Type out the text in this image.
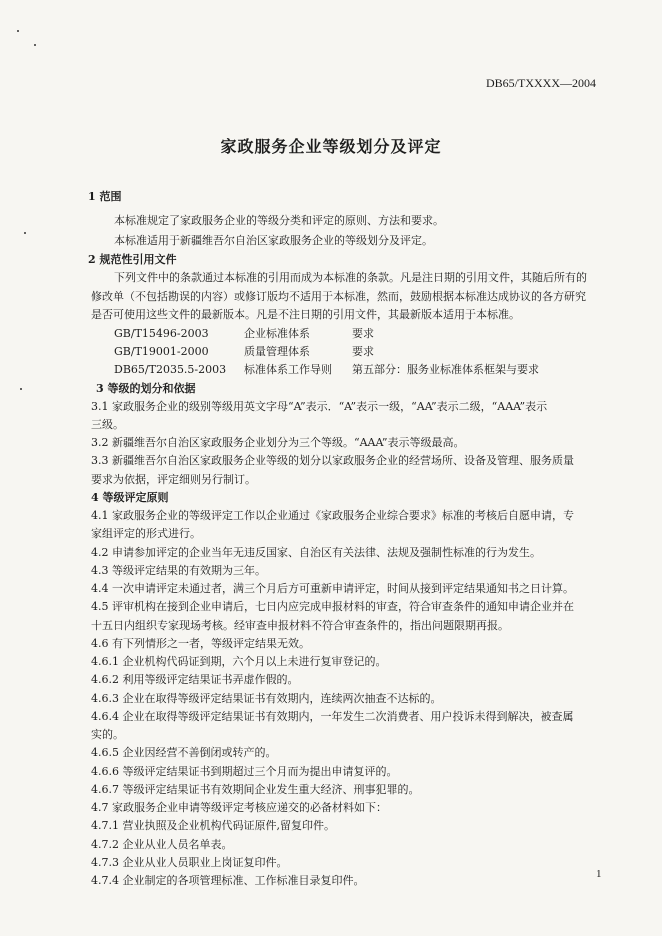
DB65/TXXXX—2004
家政服务企业等级划分及评定
1 范围
本标准规定了家政服务企业的等级分类和评定的原则、方法和要求。
本标准适用于新疆维吾尔自治区家政服务企业的等级划分及评定。
2 规范性引用文件
下列文件中的条款通过本标准的引用而成为本标准的条款。凡是注日期的引用文件，其随后所有的
修改单（不包括勘误的内容）或修订版均不适用于本标准，然而，鼓励根据本标准达成协议的各方研究
是否可使用这些文件的最新版本。凡是不注日期的引用文件，其最新版本适用于本标准。
GB/T15496-2003	企业标准体系	要求
GB/T19001-2000	质量管理体系	要求
DB65/T2035.5-2003 标准体系工作导则 第五部分：服务业标准体系框架与要求
3 等级的划分和依据
3.1 家政服务企业的级别等级用英文字母“A”表示．“A”表示一级，“AA”表示二级，“AAA”表示
三级。
3.2 新疆维吾尔自治区家政服务企业划分为三个等级。“AAA”表示等级最高。
3.3 新疆维吾尔自治区家政服务企业等级的划分以家政服务企业的经营场所、设备及管理、服务质量
要求为依据，评定细则另行制订。
4 等级评定原则
4.1 家政服务企业的等级评定工作以企业通过《家政服务企业综合要求》标准的考核后自愿申请，专
家组评定的形式进行。
4.2 申请参加评定的企业当年无违反国家、自治区有关法律、法规及强制性标准的行为发生。
4.3 等级评定结果的有效期为三年。
4.4 一次申请评定未通过者，满三个月后方可重新申请评定，时间从接到评定结果通知书之日计算。
4.5 评审机构在接到企业申请后，七日内应完成申报材料的审查，符合审查条件的通知申请企业并在
十五日内组织专家现场考核。经审查申报材料不符合审查条件的，指出问题限期再报。
4.6 有下列情形之一者，等级评定结果无效。
4.6.1 企业机构代码证到期，六个月以上未进行复审登记的。
4.6.2 利用等级评定结果证书弄虚作假的。
4.6.3 企业在取得等级评定结果证书有效期内，连续两次抽查不达标的。
4.6.4 企业在取得等级评定结果证书有效期内，一年发生二次消费者、用户投诉未得到解决，被查属
实的。
4.6.5 企业因经营不善倒闭或转产的。
4.6.6 等级评定结果证书到期超过三个月而为提出申请复评的。
4.6.7 等级评定结果证书有效期间企业发生重大经济、刑事犯罪的。
4.7 家政服务企业申请等级评定考核应递交的必备材料如下：
4.7.1 营业执照及企业机构代码证原件,留复印件。
4.7.2 企业从业人员名单表。
4.7.3 企业从业人员职业上岗证复印件。
4.7.4 企业制定的各项管理标准、工作标准目录复印件。	1
